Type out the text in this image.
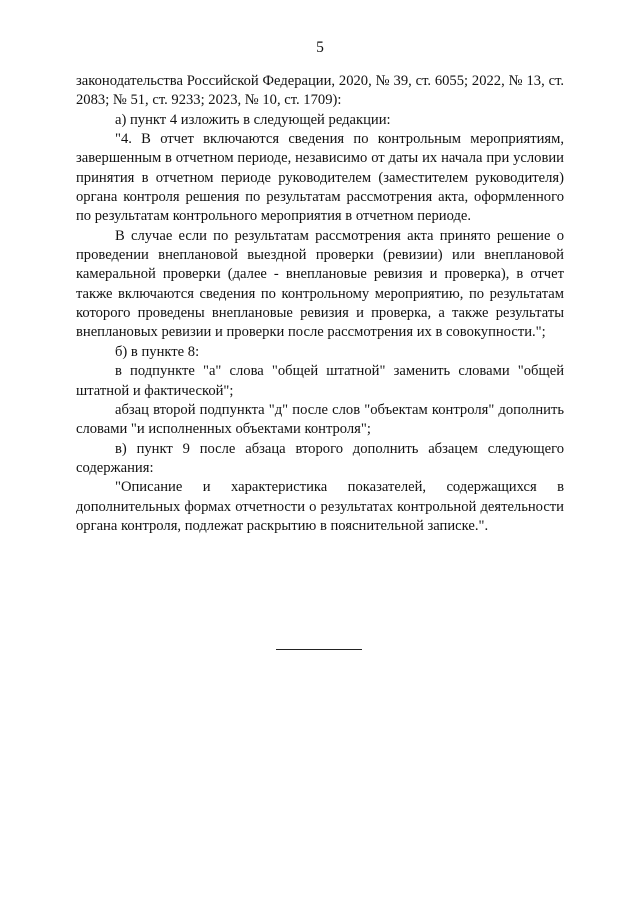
5

законодательства Российской Федерации, 2020, № 39, ст. 6055; 2022, № 13, ст. 2083; № 51, ст. 9233; 2023, № 10, ст. 1709):

а) пункт 4 изложить в следующей редакции:

"4. В отчет включаются сведения по контрольным мероприятиям, завершенным в отчетном периоде, независимо от даты их начала при условии принятия в отчетном периоде руководителем (заместителем руководителя) органа контроля решения по результатам рассмотрения акта, оформленного по результатам контрольного мероприятия в отчетном периоде.

В случае если по результатам рассмотрения акта принято решение о проведении внеплановой выездной проверки (ревизии) или внеплановой камеральной проверки (далее - внеплановые ревизия и проверка), в отчет также включаются сведения по контрольному мероприятию, по результатам которого проведены внеплановые ревизия и проверка, а также результаты внеплановых ревизии и проверки после рассмотрения их в совокупности.";

б) в пункте 8:

в подпункте "а" слова "общей штатной" заменить словами "общей штатной и фактической";

абзац второй подпункта "д" после слов "объектам контроля" дополнить словами "и исполненных объектами контроля";

в) пункт 9 после абзаца второго дополнить абзацем следующего содержания:

"Описание и характеристика показателей, содержащихся в дополнительных формах отчетности о результатах контрольной деятельности органа контроля, подлежат раскрытию в пояснительной записке.".
